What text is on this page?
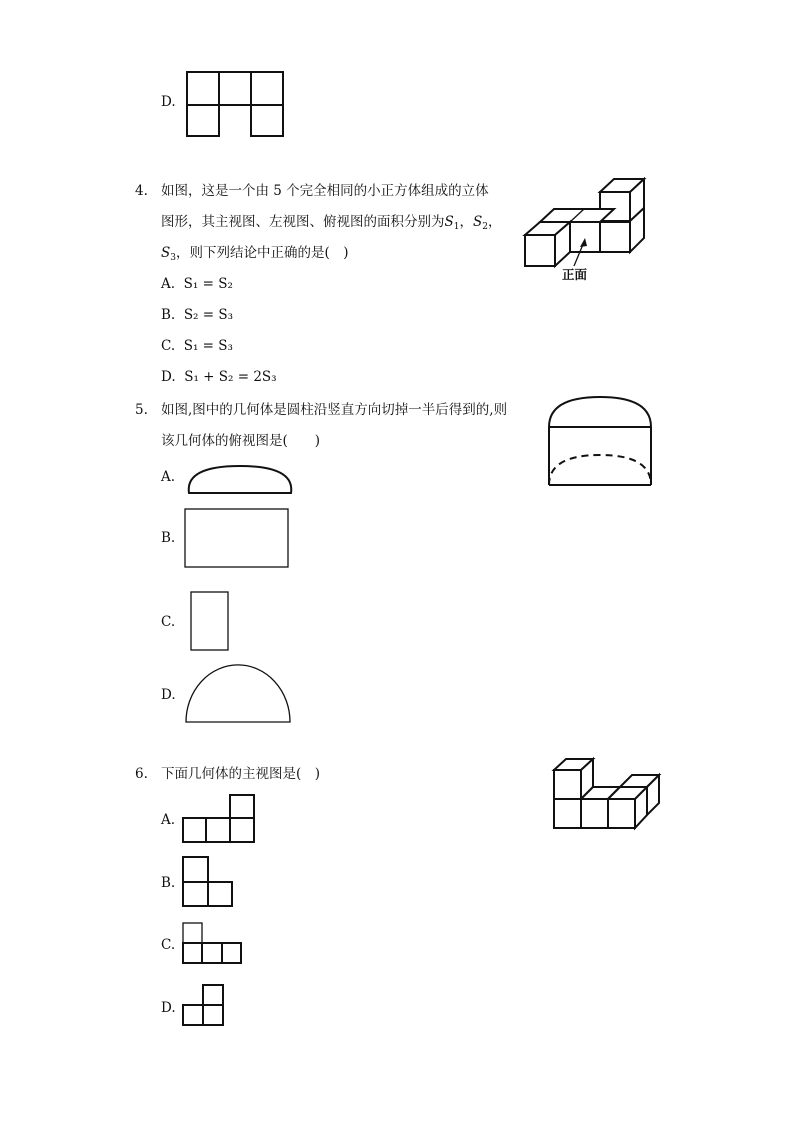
D.
4. 如图，这是一个由 5 个完全相同的小正方体组成的立体
图形，其主视图、左视图、俯视图的面积分别为$S_1$，$S_2$，
$S_3$，则下列结论中正确的是(　)
A. S₁ = S₂
B. S₂ = S₃
C. S₁ = S₃
D. S₁ + S₂ = 2S₃
正面
5. 如图,图中的几何体是圆柱沿竖直方向切掉一半后得到的,则
该几何体的俯视图是(　　)
A.
B.
C.
D.
6. 下面几何体的主视图是(　)
A.
B.
C.
D.
